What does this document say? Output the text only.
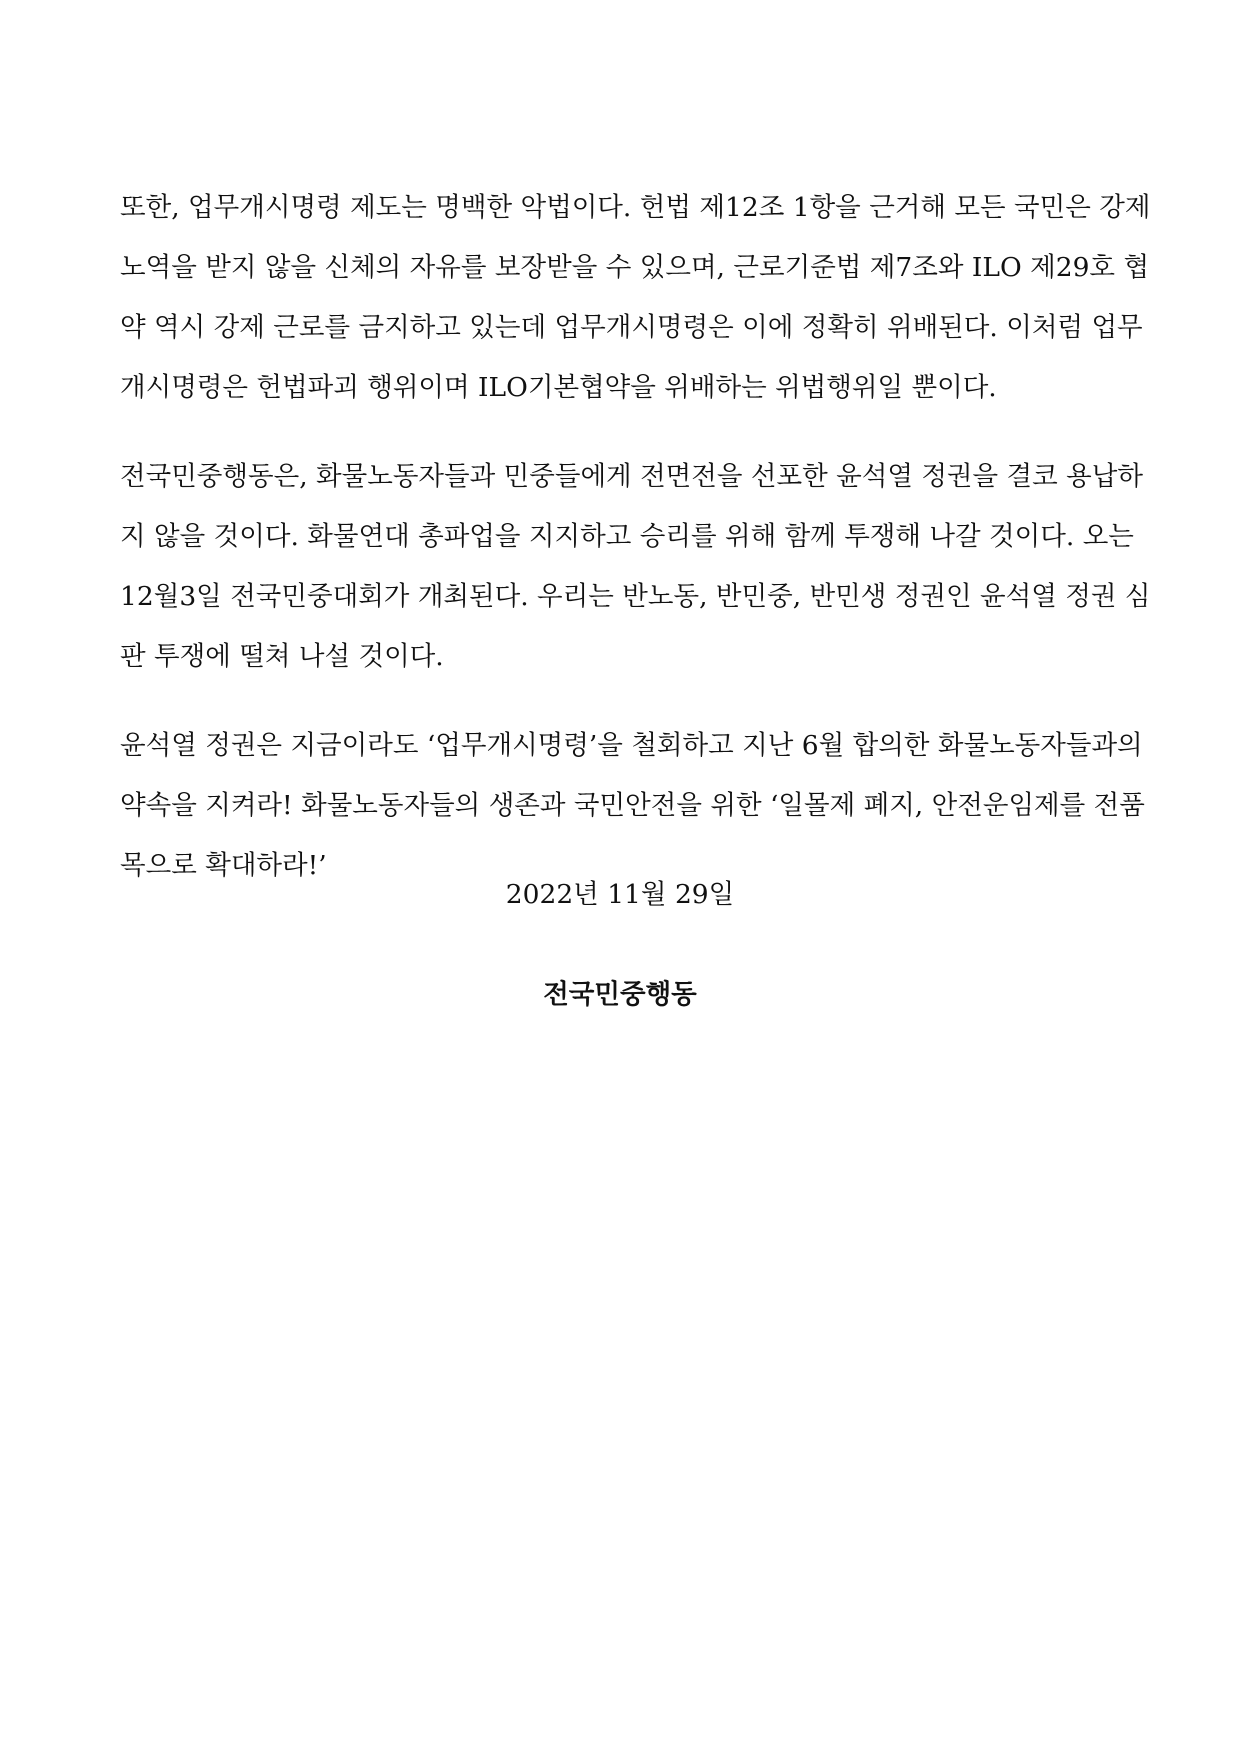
또한, 업무개시명령 제도는 명백한 악법이다. 헌법 제12조 1항을 근거해 모든 국민은 강제
노역을 받지 않을 신체의 자유를 보장받을 수 있으며, 근로기준법 제7조와 ILO 제29호 협
약 역시 강제 근로를 금지하고 있는데 업무개시명령은 이에 정확히 위배된다. 이처럼 업무
개시명령은 헌법파괴 행위이며 ILO기본협약을 위배하는 위법행위일 뿐이다.

전국민중행동은, 화물노동자들과 민중들에게 전면전을 선포한 윤석열 정권을 결코 용납하
지 않을 것이다. 화물연대 총파업을 지지하고 승리를 위해 함께 투쟁해 나갈 것이다. 오는
12월3일 전국민중대회가 개최된다. 우리는 반노동, 반민중, 반민생 정권인 윤석열 정권 심
판 투쟁에 떨쳐 나설 것이다.

윤석열 정권은 지금이라도 ‘업무개시명령’을 철회하고 지난 6월 합의한 화물노동자들과의
약속을 지켜라! 화물노동자들의 생존과 국민안전을 위한 ‘일몰제 폐지, 안전운임제를 전품
목으로 확대하라!’

2022년 11월 29일
전국민중행동
